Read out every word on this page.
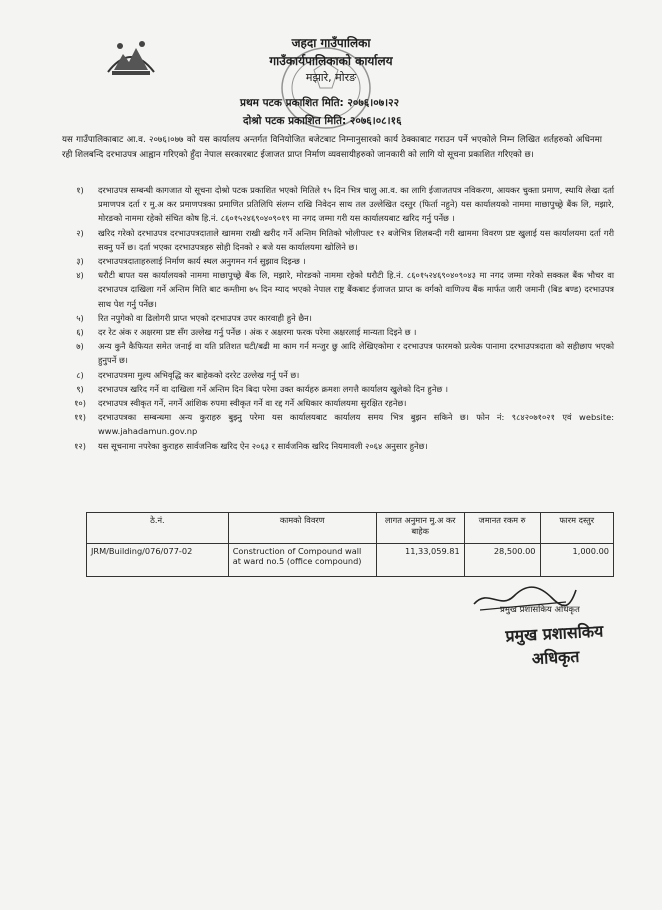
जहदा गाउँपालिका
गाउँकार्यपालिकाको कार्यालय
मझारे, मोरङ
प्रथम पटक प्रकाशित मिति: २०७६।०७।२२
दोश्रो पटक प्रकाशित मिति: २०७६।०८।१६
यस गाउँपालिकाबाट आ.व. २०७६।०७७ को यस कार्यालय अन्तर्गत विनियोजित बजेटबाट निम्नानुसारको कार्य ठेक्काबाट गराउन पर्ने भएकोले निम्न लिखित शर्तहरुको अधिनमा रही शिलबन्दि दरभाउपत्र आह्वान गरिएको हुँदा नेपाल सरकारबाट ईजाजत प्राप्त निर्माण व्यवसायीहरुको जानकारी को लागि यो सूचना प्रकाशित गरिएको छ।
१)	दरभाउपत्र सम्बन्धी कागजात यो सूचना दोश्रो पटक प्रकाशित भएको मितिले १५ दिन भित्र चालु आ.व. का लागि ईजाजतपत्र नविकरण, आयकर चुक्ता प्रमाण, स्थायि लेखा दर्ता प्रमाणपत्र दर्ता र मु.अ कर प्रमाणपत्रका प्रमाणित प्रतिलिपि संलग्न राखि निवेदन साथ तल उल्लेखित दस्तुर (फिर्ता नहुने) यस कार्यालयको नाममा माछापुच्छ्रे बैंक लि, मझारे, मोरङको नाममा रहेको संचित कोष हि.नं. ८६०१५२४६९०४०९०१९ मा नगद जम्मा गरी यस कार्यालयबाट खरिद गर्नु पर्नेछ ।
२)	खरिद गरेको दरभाउपत्र दरभाउपत्रदाताले खाममा राखी खरीद गर्ने अन्तिम मितिको भोलीपल्ट १२ बजेभित्र शिलबन्दी गरी खाममा विवरण प्रष्ट खुलाई यस कार्यालयमा दर्ता गरी सक्नु पर्ने छ। दर्ता भएका दरभाउपत्रहरु सोही दिनको २ बजे यस कार्यालयमा खोलिने छ।
३)	दरभाउपत्रदाताहरुलाई निर्माण कार्य स्थल अनुगमन गर्न सुझाव दिइन्छ ।
४)	धरौटी बापत यस कार्यालयको नाममा माछापुच्छ्रे बैंक लि, मझारे, मोरङको नाममा रहेको धरौटी हि.नं. ८६०१५२४६९०४०९०४३ मा नगद जम्मा गरेको सक्कल बैंक भौचर वा दरभाउपत्र दाखिला गर्ने अन्तिम मिति बाट कम्तीमा ७५ दिन म्याद भएको नेपाल राष्ट्र बैंकबाट ईजाजत प्राप्त क वर्गको वाणिज्य बैंक मार्फत जारी जमानी (बिड बण्ड) दरभाउपत्र साथ पेश गर्नु पर्नेछ।
५)	रित नपुगेको वा ढिलोगरी प्राप्त भएको दरभाउपत्र उपर कारवाही हुने छैन।
६)	दर रेट अंक र अक्षरमा प्रष्ट सँग उल्लेख गर्नु पर्नेछ । अंक र अक्षरमा फरक परेमा अक्षरलाई मान्यता दिइने छ ।
७)	अन्य कुनै कैफियत समेत जनाई वा यति प्रतिशत घटी/बढी मा काम गर्न मन्जुर छु आदि लेखिएकोमा र दरभाउपत्र फारमको प्रत्येक पानामा दरभाउपत्रदाता को सहीछाप भएको हुनुपर्ने छ।
८)	दरभाउपत्रमा मुल्य अभिवृद्धि कर बाहेकको दररेट उल्लेख गर्नु पर्ने छ।
९)	दरभाउपत्र खरिद गर्ने वा दाखिला गर्ने अन्तिम दिन बिदा परेमा उक्त कार्यहरु क्रमशः लगत्तै कार्यालय खुलेको दिन हुनेछ ।
१०)	दरभाउपत्र स्वीकृत गर्ने, नगर्ने आंशिक रुपमा स्वीकृत गर्ने वा रद्द गर्ने अधिकार कार्यालयमा सुरक्षित रहनेछ।
११)	दरभाउपत्रका सम्बन्धमा अन्य कुराहरु बुझ्नु परेमा यस कार्यालयबाट कार्यालय समय भित्र बुझन सकिने छ। फोन नं: ९८४२०७१०२१ एवं website: www.jahadamun.gov.np
१२)	यस सूचनामा नपरेका कुराहरु सार्वजनिक खरिद ऐन २०६३ र सार्वजनिक खरिद नियमावली २०६४ अनुसार हुनेछ।
ठे.नं.	कामको विवरण	लागत अनुमान मु.अ कर बाहेक	जमानत रकम रु	फारम दस्तुर
JRM/Building/076/077-02	Construction of Compound wall at ward no.5 (office compound)	11,33,059.81	28,500.00	1,000.00
प्रमुख प्रशासकिय अधिकृत
प्रमुख प्रशासकिय
अधिकृत
